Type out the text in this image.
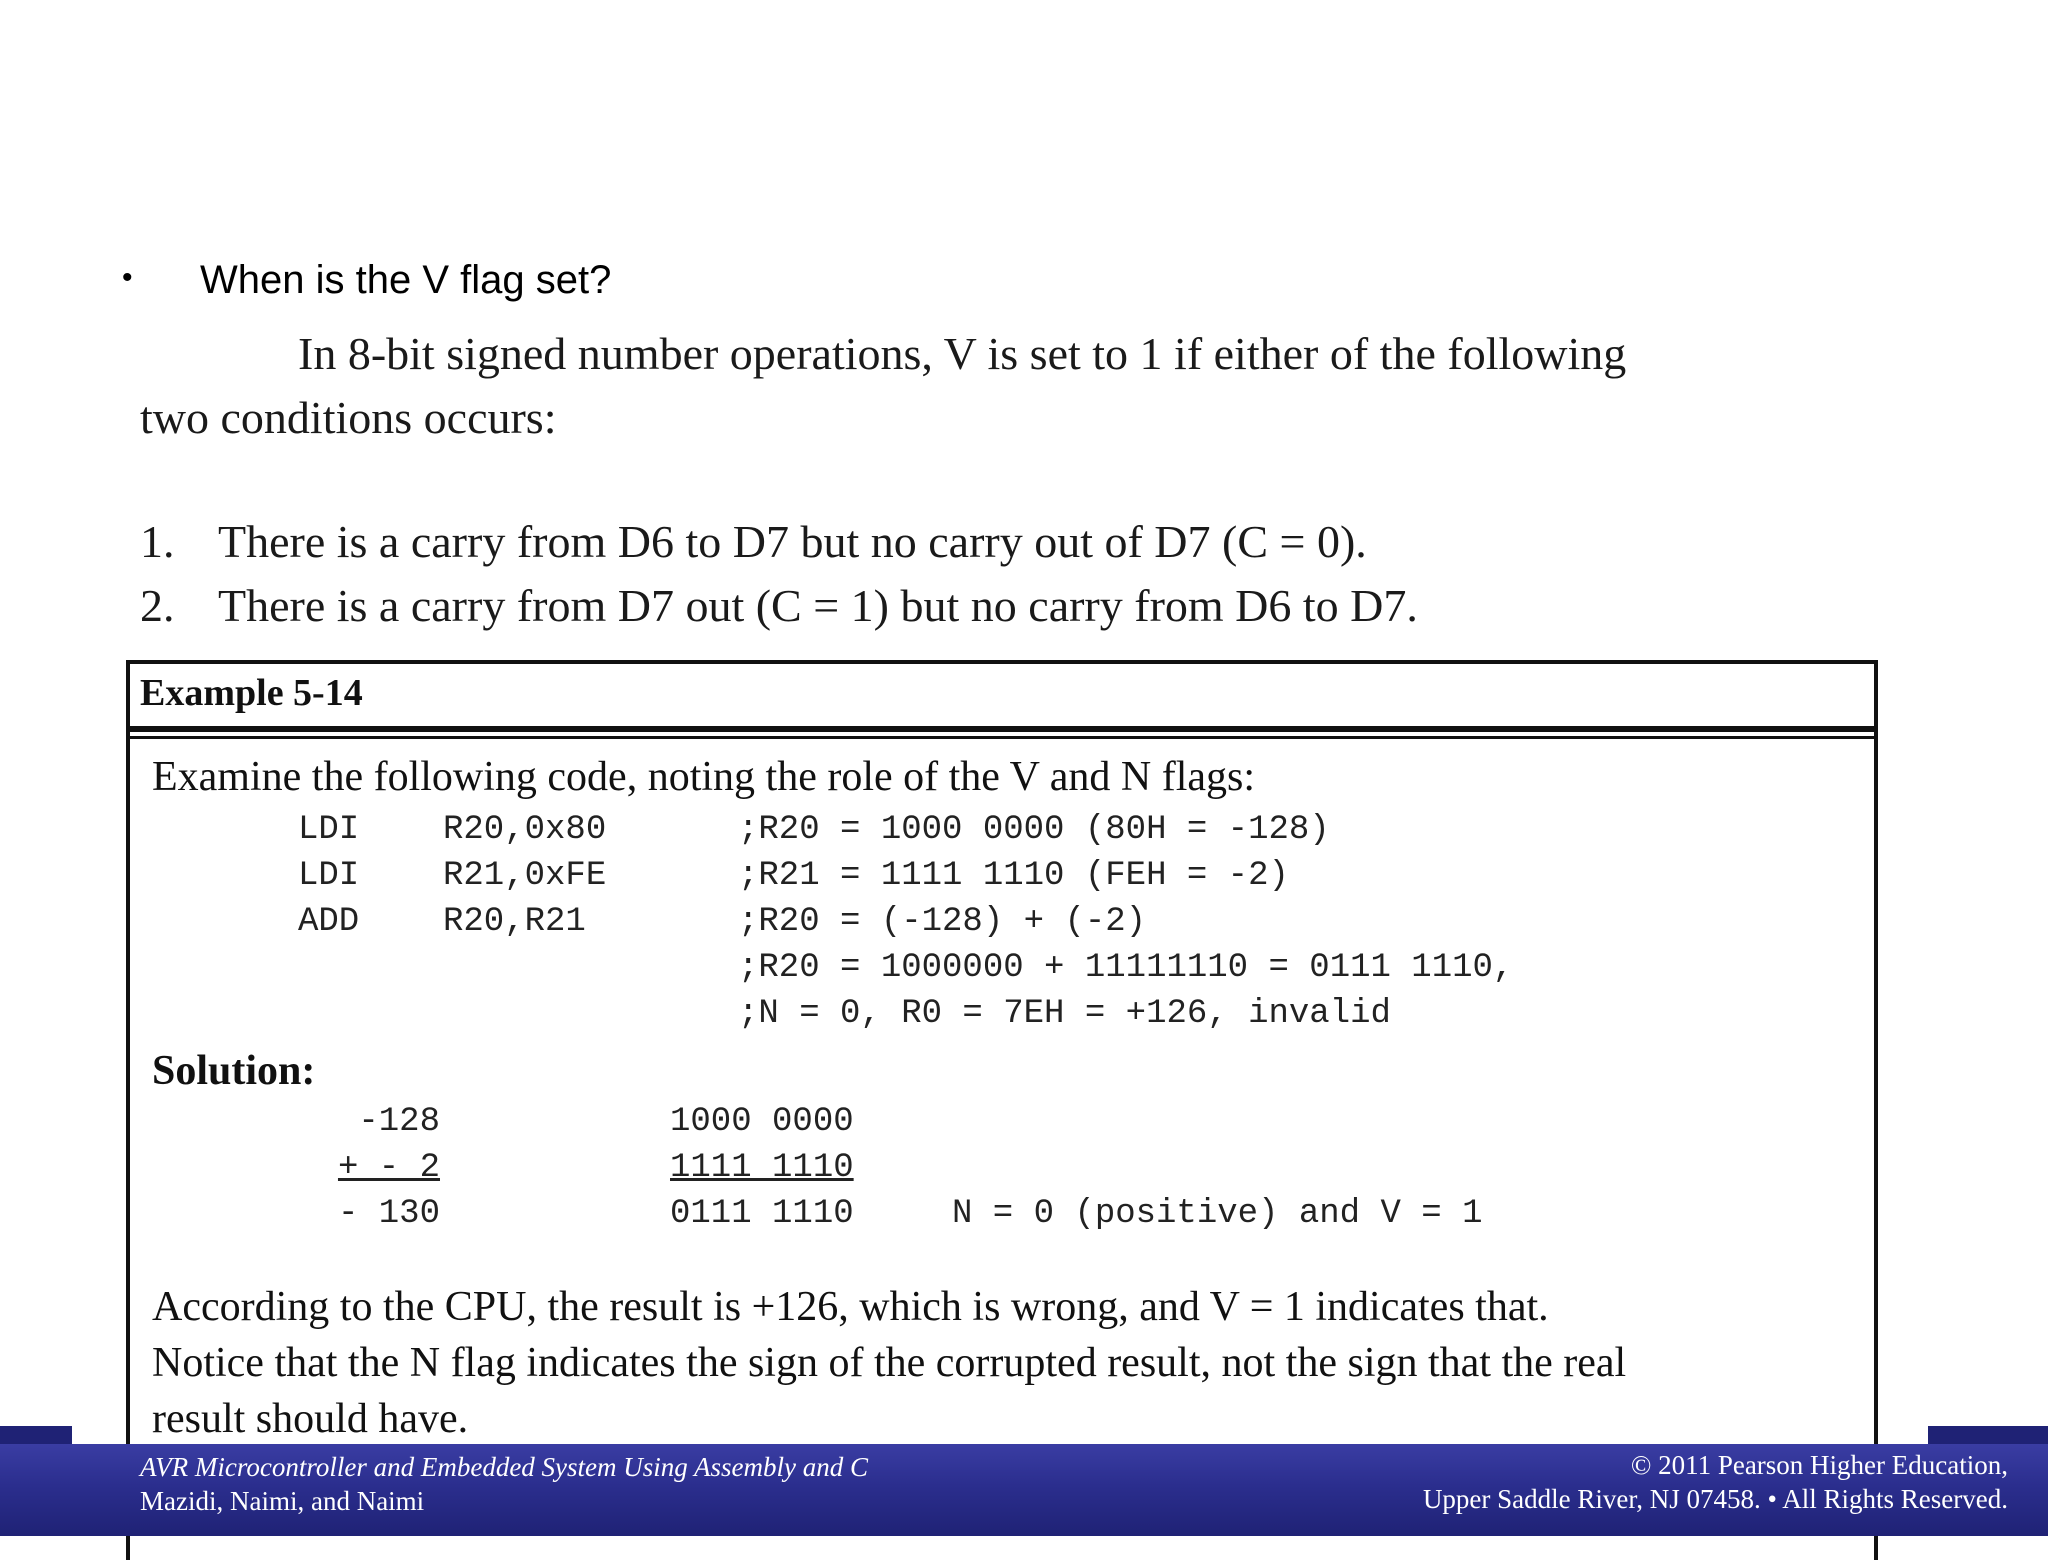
• When is the V flag set?
In 8-bit signed number operations, V is set to 1 if either of the following
two conditions occurs:
1. There is a carry from D6 to D7 but no carry out of D7 (C = 0).
2. There is a carry from D7 out (C = 1) but no carry from D6 to D7.
Example 5-14
Examine the following code, noting the role of the V and N flags:
LDI R20,0x80	;R20 = 1000 0000 (80H = -128)
LDI R21,0xFE	;R21 = 1111 1110 (FEH = -2)
ADD R20,R21	;R20 = (-128) + (-2)
;R20 = 1000000 + 11111110 = 0111 1110,
;N = 0, R0 = 7EH = +126, invalid
Solution:
-128	1000 0000
+ - 2	1111 1110
- 130	0111 1110	N = 0 (positive) and V = 1
According to the CPU, the result is +126, which is wrong, and V = 1 indicates that.
Notice that the N flag indicates the sign of the corrupted result, not the sign that the real
result should have.
AVR Microcontroller and Embedded System Using Assembly and C
Mazidi, Naimi, and Naimi
© 2011 Pearson Higher Education,
Upper Saddle River, NJ 07458. • All Rights Reserved.
